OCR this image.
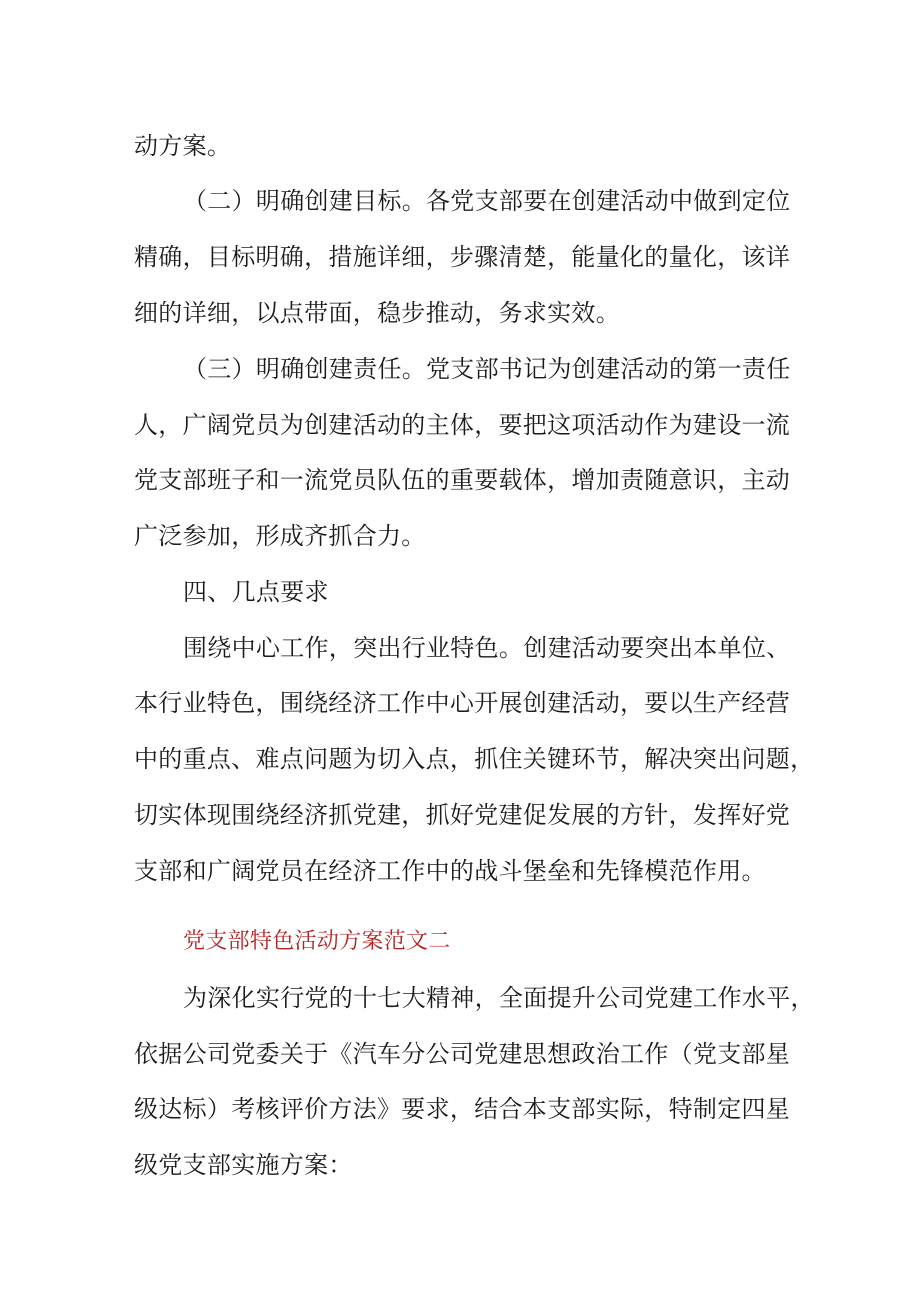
动方案。
（二）明确创建目标。各党支部要在创建活动中做到定位
精确，目标明确，措施详细，步骤清楚，能量化的量化，该详
细的详细，以点带面，稳步推动，务求实效。
（三）明确创建责任。党支部书记为创建活动的第一责任
人，广阔党员为创建活动的主体，要把这项活动作为建设一流
党支部班子和一流党员队伍的重要载体，增加责随意识，主动
广泛参加，形成齐抓合力。
四、几点要求
围绕中心工作，突出行业特色。创建活动要突出本单位、
本行业特色，围绕经济工作中心开展创建活动，要以生产经营
中的重点、难点问题为切入点，抓住关键环节，解决突出问题，
切实体现围绕经济抓党建，抓好党建促发展的方针，发挥好党
支部和广阔党员在经济工作中的战斗堡垒和先锋模范作用。
党支部特色活动方案范文二
为深化实行党的十七大精神，全面提升公司党建工作水平，
依据公司党委关于《汽车分公司党建思想政治工作（党支部星
级达标）考核评价方法》要求，结合本支部实际，特制定四星
级党支部实施方案：
